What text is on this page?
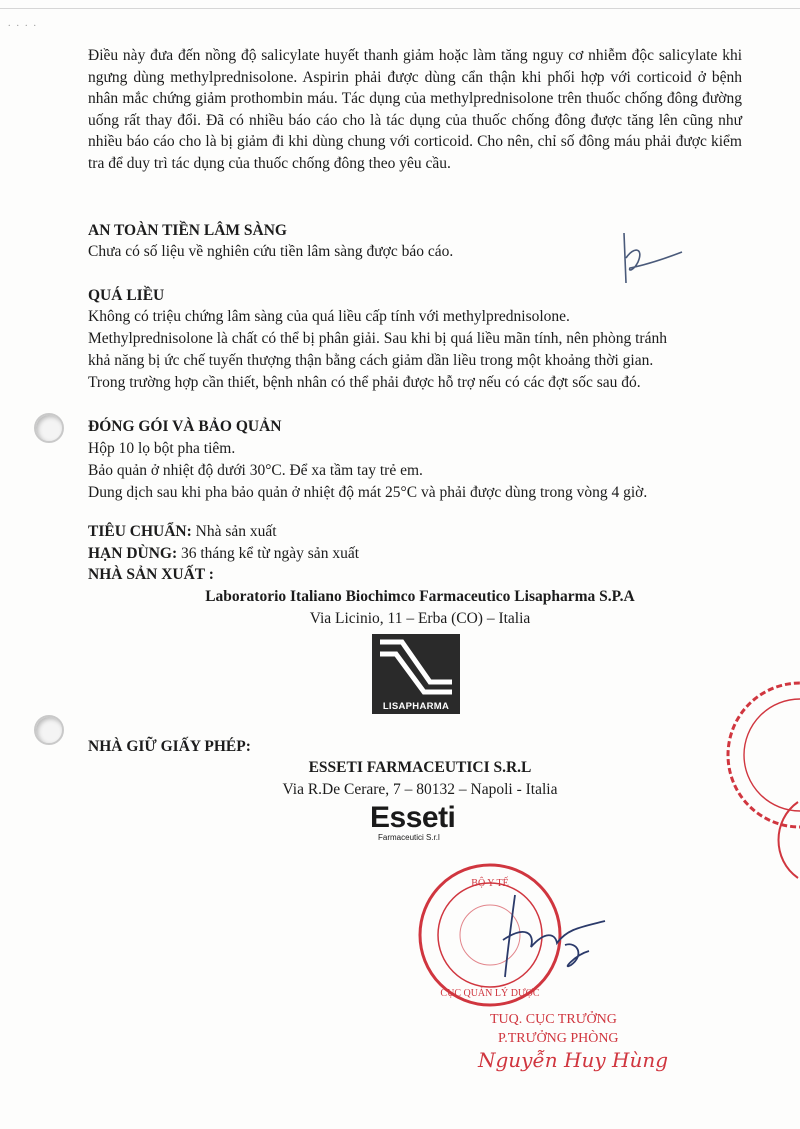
....

Điều này đưa đến nồng độ salicylate huyết thanh giảm hoặc làm tăng nguy cơ nhiễm độc salicylate khi ngưng dùng methylprednisolone. Aspirin phải được dùng cẩn thận khi phối hợp với corticoid ở bệnh nhân mắc chứng giảm prothombin máu. Tác dụng của methylprednisolone trên thuốc chống đông đường uống rất thay đổi. Đã có nhiều báo cáo cho là tác dụng của thuốc chống đông được tăng lên cũng như nhiều báo cáo cho là bị giảm đi khi dùng chung với corticoid. Cho nên, chỉ số đông máu phải được kiểm tra để duy trì tác dụng của thuốc chống đông theo yêu cầu.

AN TOÀN TIỀN LÂM SÀNG

Chưa có số liệu về nghiên cứu tiền lâm sàng được báo cáo.

QUÁ LIỀU

Không có triệu chứng lâm sàng của quá liều cấp tính với methylprednisolone.

Methylprednisolone là chất có thể bị phân giải. Sau khi bị quá liều mãn tính, nên phòng tránh

khả năng bị ức chế tuyến thượng thận bằng cách giảm dần liều trong một khoảng thời gian.

Trong trường hợp cần thiết, bệnh nhân có thể phải được hỗ trợ nếu có các đợt sốc sau đó.

ĐÓNG GÓI VÀ BẢO QUẢN

Hộp 10 lọ bột pha tiêm.

Bảo quản ở nhiệt độ dưới 30°C. Để xa tầm tay trẻ em.

Dung dịch sau khi pha bảo quản ở nhiệt độ mát 25°C và phải được dùng trong vòng 4 giờ.

TIÊU CHUẨN: Nhà sản xuất

HẠN DÙNG: 36 tháng kể từ ngày sản xuất

NHÀ SẢN XUẤT :

Laboratorio Italiano Biochimco Farmaceutico Lisapharma S.P.A

Via Licinio, 11 – Erba (CO) – Italia

LISAPHARMA

NHÀ GIỮ GIẤY PHÉP:

ESSETI FARMACEUTICI S.R.L

Via R.De Cerare, 7 – 80132 – Napoli - Italia

Esseti
Farmaceutici S.r.l
BỘ Y TẾ
CỤC QUẢN LÝ DƯỢC
TUQ. CỤC TRƯỞNG
P.TRƯỞNG PHÒNG
Nguyễn Huy Hùng
